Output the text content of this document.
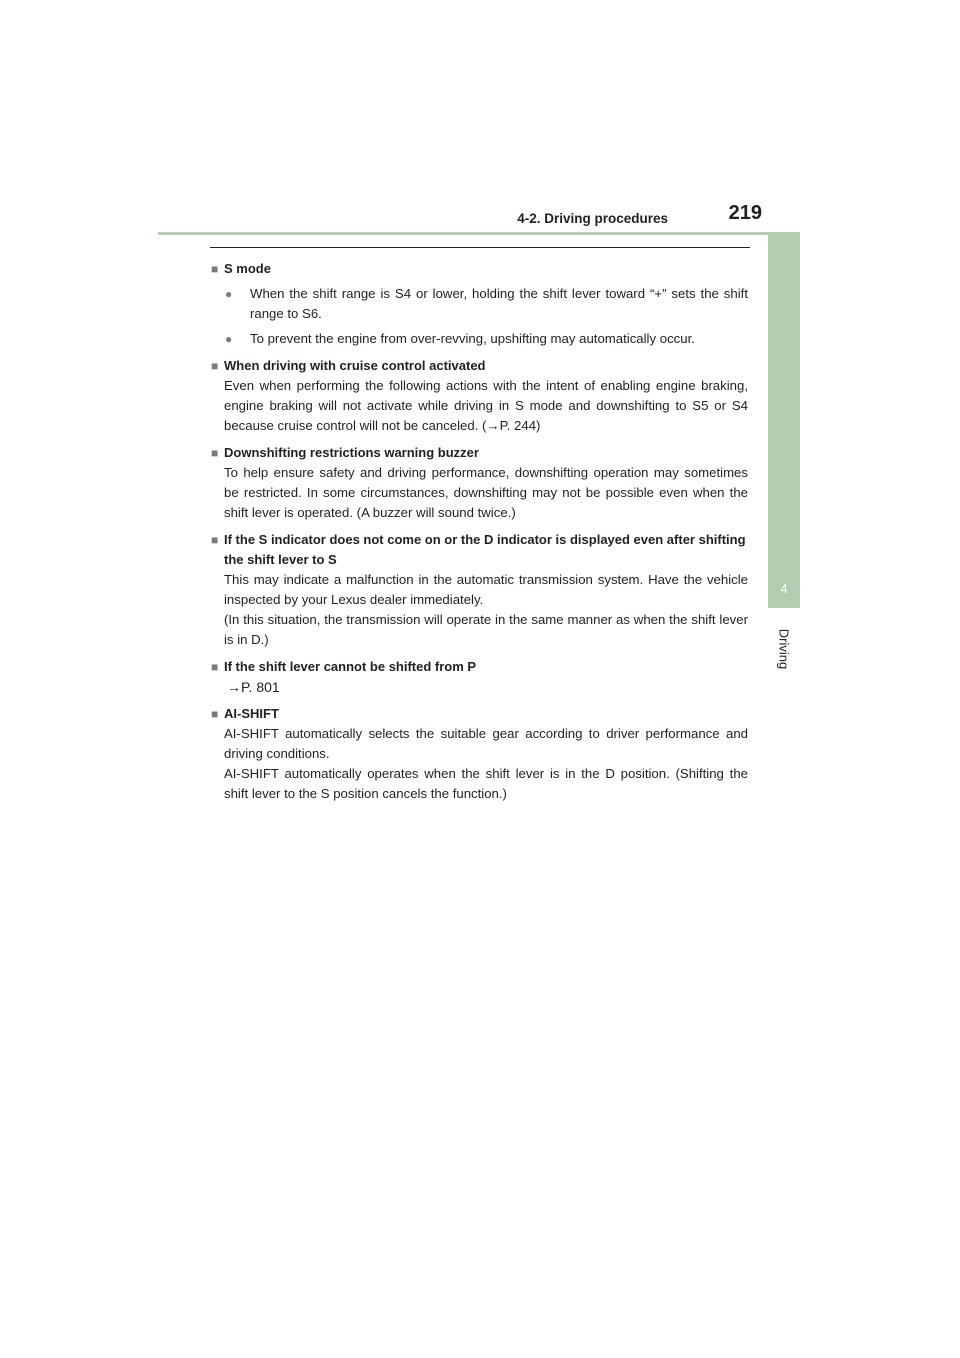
4-2. Driving procedures	219
4
Driving
■ S mode
●	When the shift range is S4 or lower, holding the shift lever toward “+” sets the shift range to S6.
●	To prevent the engine from over-revving, upshifting may automatically occur.
■ When driving with cruise control activated

Even when performing the following actions with the intent of enabling engine braking, engine braking will not activate while driving in S mode and downshifting to S5 or S4 because cruise control will not be canceled. (→P. 244)

■ Downshifting restrictions warning buzzer

To help ensure safety and driving performance, downshifting operation may sometimes be restricted. In some circumstances, downshifting may not be possible even when the shift lever is operated. (A buzzer will sound twice.)

■ If the S indicator does not come on or the D indicator is displayed even after shifting the shift lever to S

This may indicate a malfunction in the automatic transmission system. Have the vehicle inspected by your Lexus dealer immediately.

(In this situation, the transmission will operate in the same manner as when the shift lever is in D.)

■ If the shift lever cannot be shifted from P

→P. 801

■ AI-SHIFT

AI-SHIFT automatically selects the suitable gear according to driver performance and driving conditions.

AI-SHIFT automatically operates when the shift lever is in the D position. (Shifting the shift lever to the S position cancels the function.)
